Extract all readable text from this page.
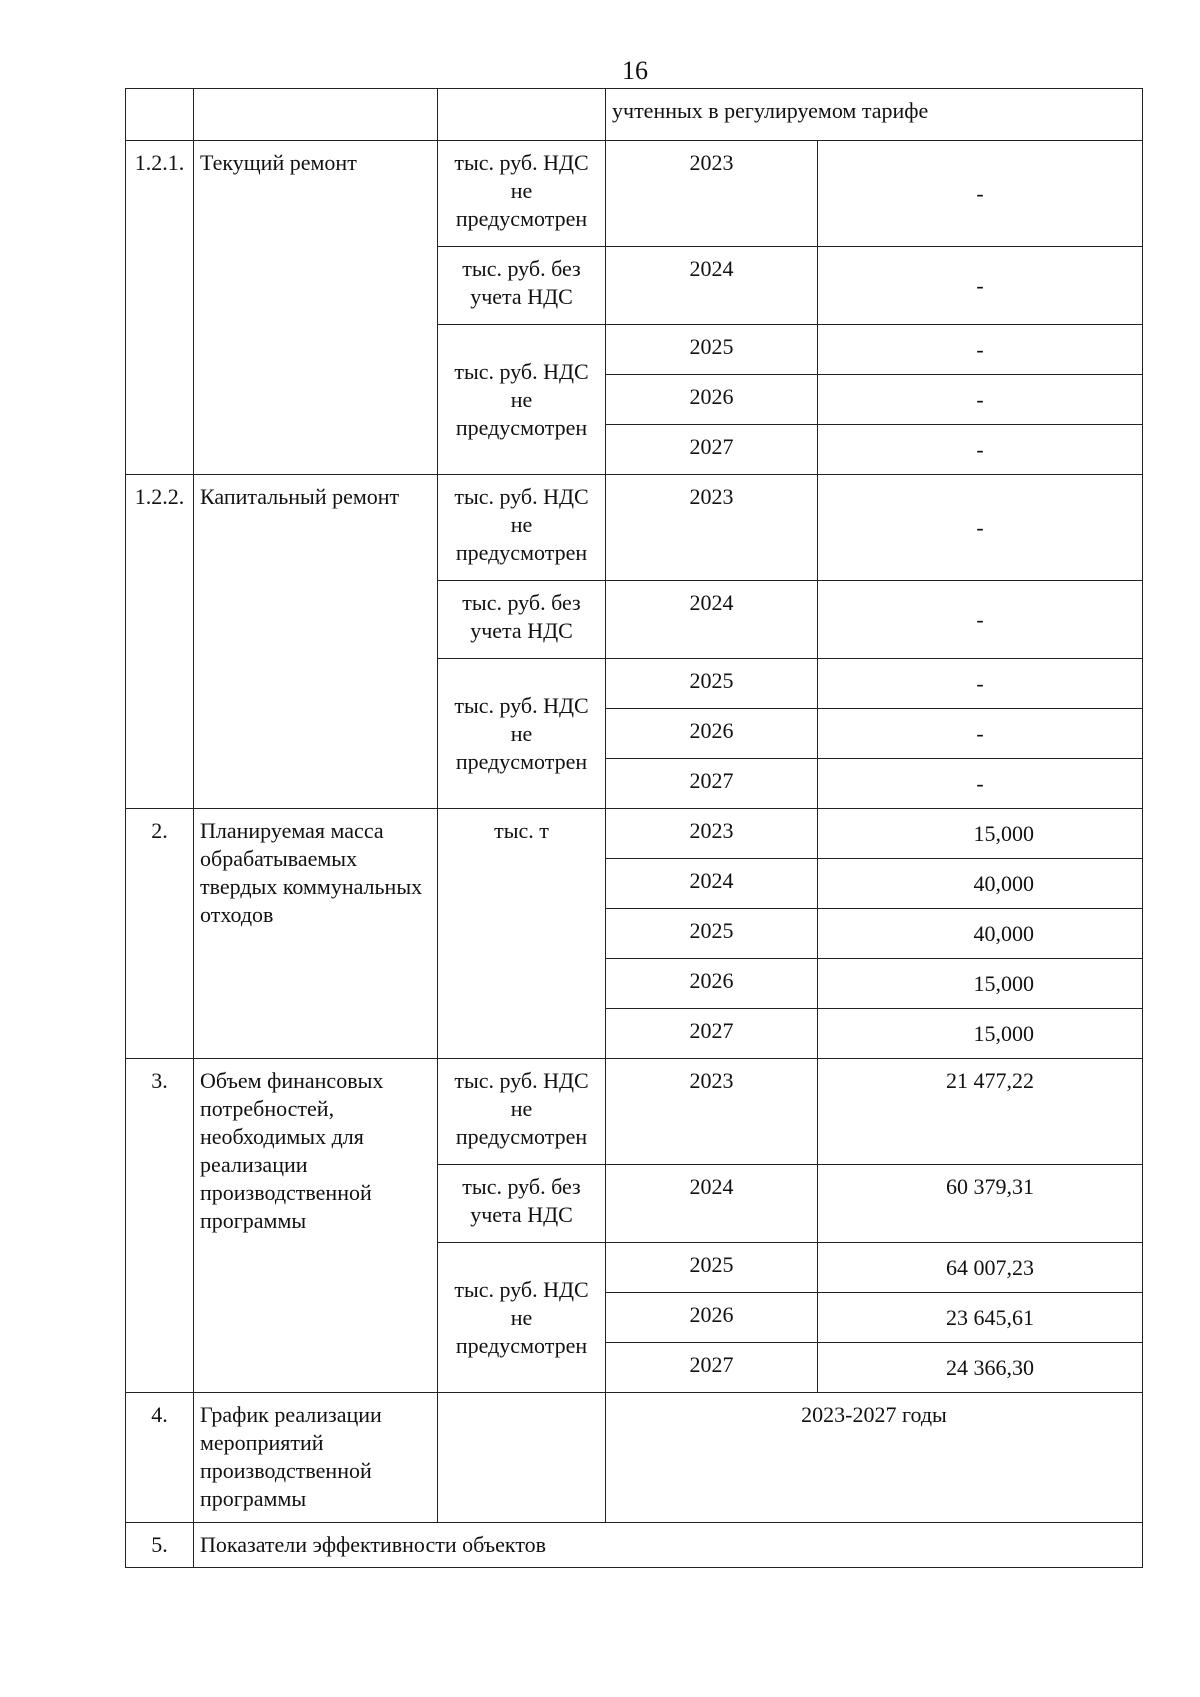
16
			учтенных в регулируемом тарифе	
1.2.1.	Текущий ремонт	тыс. руб. НДС не предусмотрен	2023	-
		тыс. руб. без учета НДС	2024	-
		тыс. руб. НДС не предусмотрен	2025	-
			2026	-
			2027	-
1.2.2.	Капитальный ремонт	тыс. руб. НДС не предусмотрен	2023	-
		тыс. руб. без учета НДС	2024	-
		тыс. руб. НДС не предусмотрен	2025	-
			2026	-
			2027	-
2.	Планируемая масса обрабатываемых твердых коммунальных отходов	тыс. т	2023	15,000
			2024	40,000
			2025	40,000
			2026	15,000
			2027	15,000
3.	Объем финансовых потребностей, необходимых для реализации производственной программы	тыс. руб. НДС не предусмотрен	2023	21 477,22
		тыс. руб. без учета НДС	2024	60 379,31
		тыс. руб. НДС не предусмотрен	2025	64 007,23
			2026	23 645,61
			2027	24 366,30
4.	График реализации мероприятий производственной программы		2023-2027 годы	
5.	Показатели эффективности объектов			
